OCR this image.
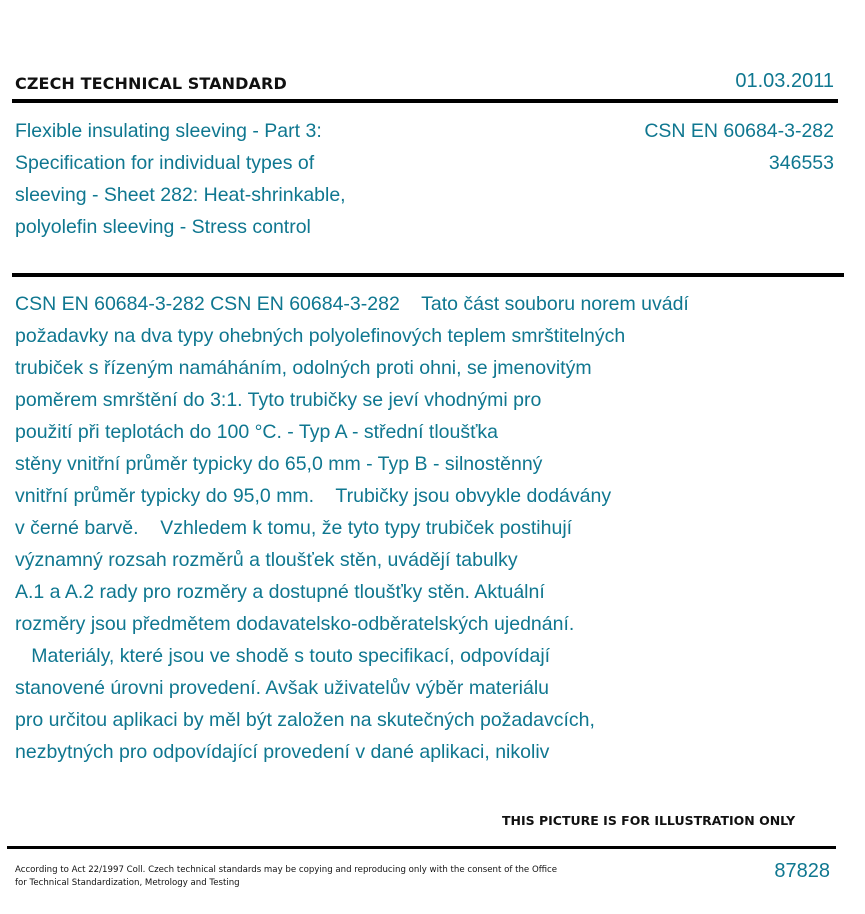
CZECH TECHNICAL STANDARD	01.03.2011
Flexible insulating sleeving - Part 3:
Specification for individual types of
sleeving - Sheet 282: Heat-shrinkable,
polyolefin sleeving - Stress control
CSN EN 60684-3-282
346553
CSN EN 60684-3-282 CSN EN 60684-3-282    Tato část souboru norem uvádí
požadavky na dva typy ohebných polyolefinových teplem smrštitelných
trubiček s řízeným namáháním, odolných proti ohni, se jmenovitým
poměrem smrštění do 3:1. Tyto trubičky se jeví vhodnými pro
použití při teplotách do 100 °C. - Typ A - střední tloušťka
stěny vnitřní průměr typicky do 65,0 mm - Typ B - silnostěnný
vnitřní průměr typicky do 95,0 mm.    Trubičky jsou obvykle dodávány
v černé barvě.    Vzhledem k tomu, že tyto typy trubiček postihují
významný rozsah rozměrů a tloušťek stěn, uvádějí tabulky
A.1 a A.2 rady pro rozměry a dostupné tloušťky stěn. Aktuální
rozměry jsou předmětem dodavatelsko-odběratelských ujednání.
Materiály, které jsou ve shodě s touto specifikací, odpovídají
stanovené úrovni provedení. Avšak uživatelův výběr materiálu
pro určitou aplikaci by měl být založen na skutečných požadavcích,
nezbytných pro odpovídající provedení v dané aplikaci, nikoliv
THIS PICTURE IS FOR ILLUSTRATION ONLY
According to Act 22/1997 Coll. Czech technical standards may be copying and reproducing only with the consent of the Office
for Technical Standardization, Metrology and Testing
87828
